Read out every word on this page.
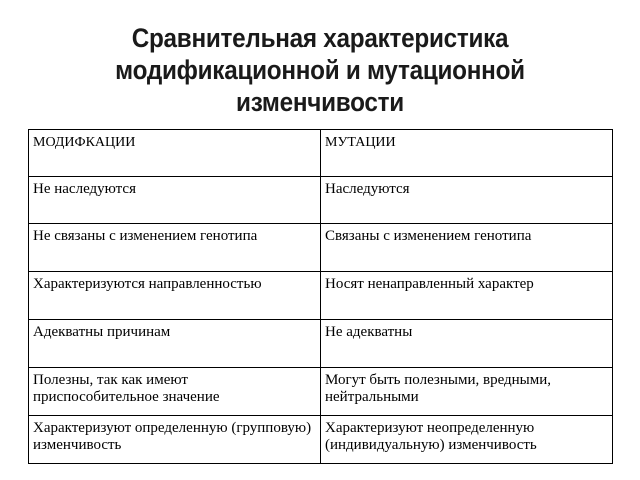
Сравнительная характеристика
модификационной и мутационной
изменчивости
МОДИФКАЦИИ	МУТАЦИИ
Не наследуются	Наследуются
Не связаны с изменением генотипа	Связаны с изменением генотипа
Характеризуются направленностью	Носят ненаправленный характер
Адекватны причинам	Не адекватны
Полезны, так как имеют приспособительное значение	Могут быть полезными, вредными, нейтральными
Характеризуют определенную (групповую) изменчивость	Характеризуют неопределенную (индивидуальную) изменчивость
